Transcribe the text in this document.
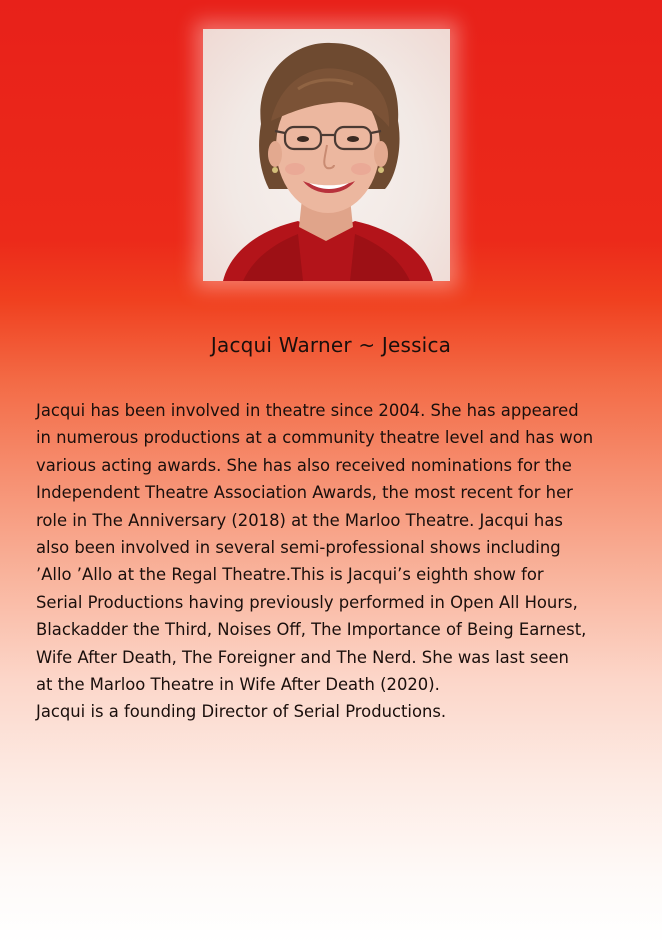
Jacqui Warner ~ Jessica

Jacqui has been involved in theatre since 2004. She has appeared
in numerous productions at a community theatre level and has won
various acting awards. She has also received nominations for the
Independent Theatre Association Awards, the most recent for her
role in The Anniversary (2018) at the Marloo Theatre. Jacqui has
also been involved in several semi-professional shows including
’Allo ’Allo at the Regal Theatre.This is Jacqui’s eighth show for
Serial Productions having previously performed in Open All Hours,
Blackadder the Third, Noises Off, The Importance of Being Earnest,
Wife After Death, The Foreigner and The Nerd. She was last seen
at the Marloo Theatre in Wife After Death (2020).
Jacqui is a founding Director of Serial Productions.
